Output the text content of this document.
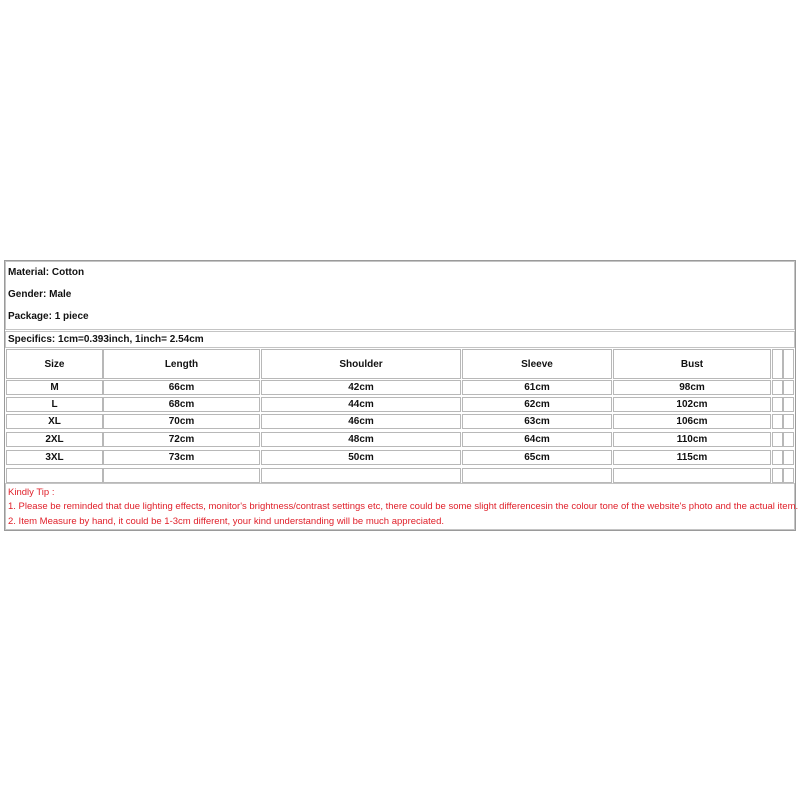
Material: Cotton
Gender: Male
Package: 1 piece
Specifics: 1cm=0.393inch, 1inch= 2.54cm
Kindly Tip :
1. Please be reminded that due lighting effects, monitor's brightness/contrast settings etc, there could be some slight differencesin the colour tone of the website's photo and the actual item.
2. Item Measure by hand, it could be 1-3cm different, your kind understanding will be much appreciated.
Size	Length	Shoulder	Sleeve	Bust
M	66cm	42cm	61cm	98cm
L	68cm	44cm	62cm	102cm
XL	70cm	46cm	63cm	106cm
2XL	72cm	48cm	64cm	110cm
3XL	73cm	50cm	65cm	115cm
